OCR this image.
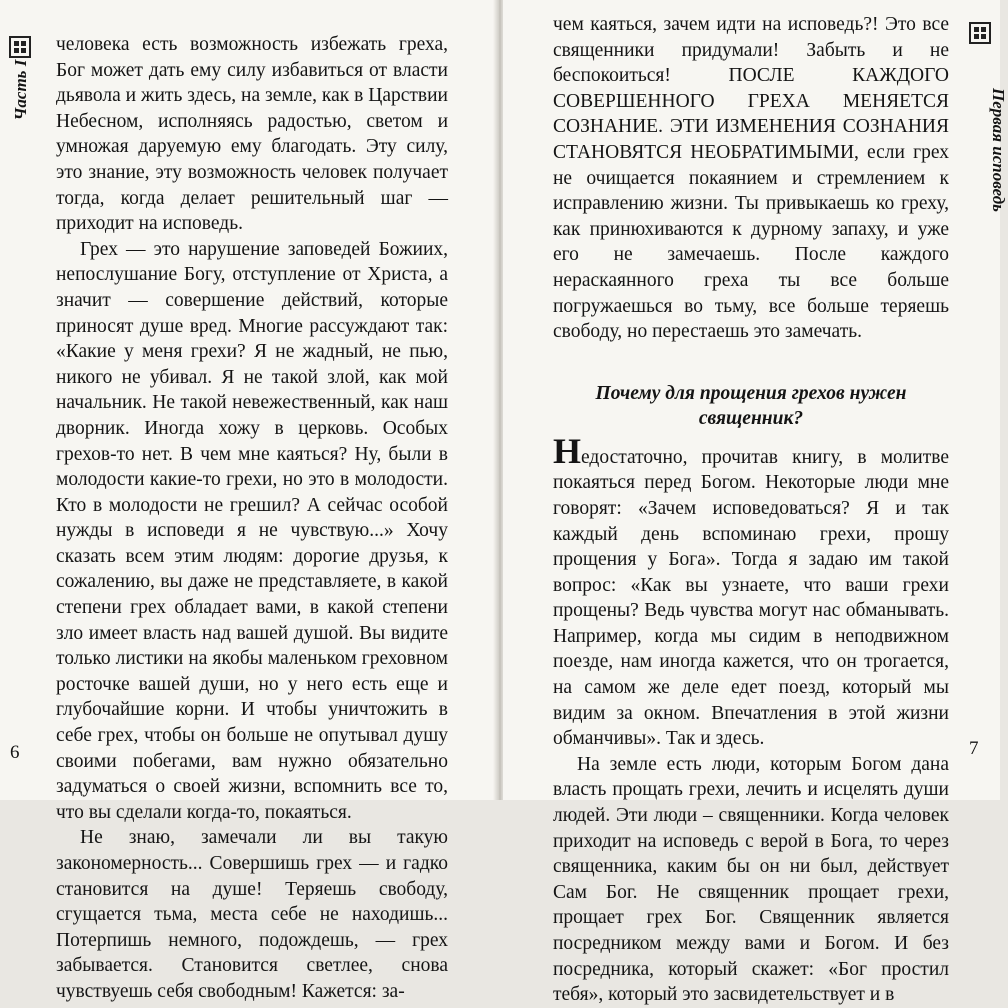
Часть I

человека есть возможность избежать греха, Бог может дать ему силу избавиться от власти дьявола и жить здесь, на земле, как в Царствии Небесном, исполняясь радостью, светом и умножая даруемую ему благодать. Эту силу, это знание, эту возможность человек получает тогда, когда делает решительный шаг — приходит на исповедь.

Грех — это нарушение заповедей Божиих, непослушание Богу, отступление от Христа, а значит — совершение действий, которые приносят душе вред. Многие рассуждают так: «Какие у меня грехи? Я не жадный, не пью, никого не убивал. Я не такой злой, как мой начальник. Не такой невежественный, как наш дворник. Иногда хожу в церковь. Особых грехов-то нет. В чем мне каяться? Ну, были в молодости какие-то грехи, но это в молодости. Кто в молодости не грешил? А сейчас особой нужды в исповеди я не чувствую...» Хочу сказать всем этим людям: дорогие друзья, к сожалению, вы даже не представляете, в какой степени грех обладает вами, в какой степени зло имеет власть над вашей душой. Вы видите только листики на якобы маленьком греховном росточке вашей души, но у него есть еще и глубочайшие корни. И чтобы уничтожить в себе грех, чтобы он больше не опутывал душу своими побегами, вам нужно обязательно задуматься о своей жизни, вспомнить все то, что вы сделали когда-то, покаяться.

Не знаю, замечали ли вы такую закономерность... Совершишь грех — и гадко становится на душе! Теряешь свободу, сгущается тьма, места себе не находишь... Потерпишь немного, подождешь, — грех забывается. Становится светлее, снова чувствуешь себя свободным! Кажется: за-

6
Первая исповедь

чем каяться, зачем идти на исповедь?! Это все священники придумали! Забыть и не беспокоиться! ПОСЛЕ КАЖДОГО СОВЕРШЕННОГО ГРЕХА МЕНЯЕТСЯ СОЗНАНИЕ. ЭТИ ИЗМЕНЕНИЯ СОЗНАНИЯ СТАНОВЯТСЯ НЕОБРАТИМЫМИ, если грех не очищается покаянием и стремлением к исправлению жизни. Ты привыкаешь ко греху, как принюхиваются к дурному запаху, и уже его не замечаешь. После каждого нераскаянного греха ты все больше погружаешься во тьму, все больше теряешь свободу, но перестаешь это замечать.

Почему для прощения грехов нужен священник?

Недостаточно, прочитав книгу, в молитве покаяться перед Богом. Некоторые люди мне говорят: «Зачем исповедоваться? Я и так каждый день вспоминаю грехи, прошу прощения у Бога». Тогда я задаю им такой вопрос: «Как вы узнаете, что ваши грехи прощены? Ведь чувства могут нас обманывать. Например, когда мы сидим в неподвижном поезде, нам иногда кажется, что он трогается, на самом же деле едет поезд, который мы видим за окном. Впечатления в этой жизни обманчивы». Так и здесь.

На земле есть люди, которым Богом дана власть прощать грехи, лечить и исцелять души людей. Эти люди – священники. Когда человек приходит на исповедь с верой в Бога, то через священника, каким бы он ни был, действует Сам Бог. Не священник прощает грехи, прощает грех Бог. Священник является посредником между вами и Богом. И без посредника, который скажет: «Бог простил тебя», который это засвидетельствует и в

7
